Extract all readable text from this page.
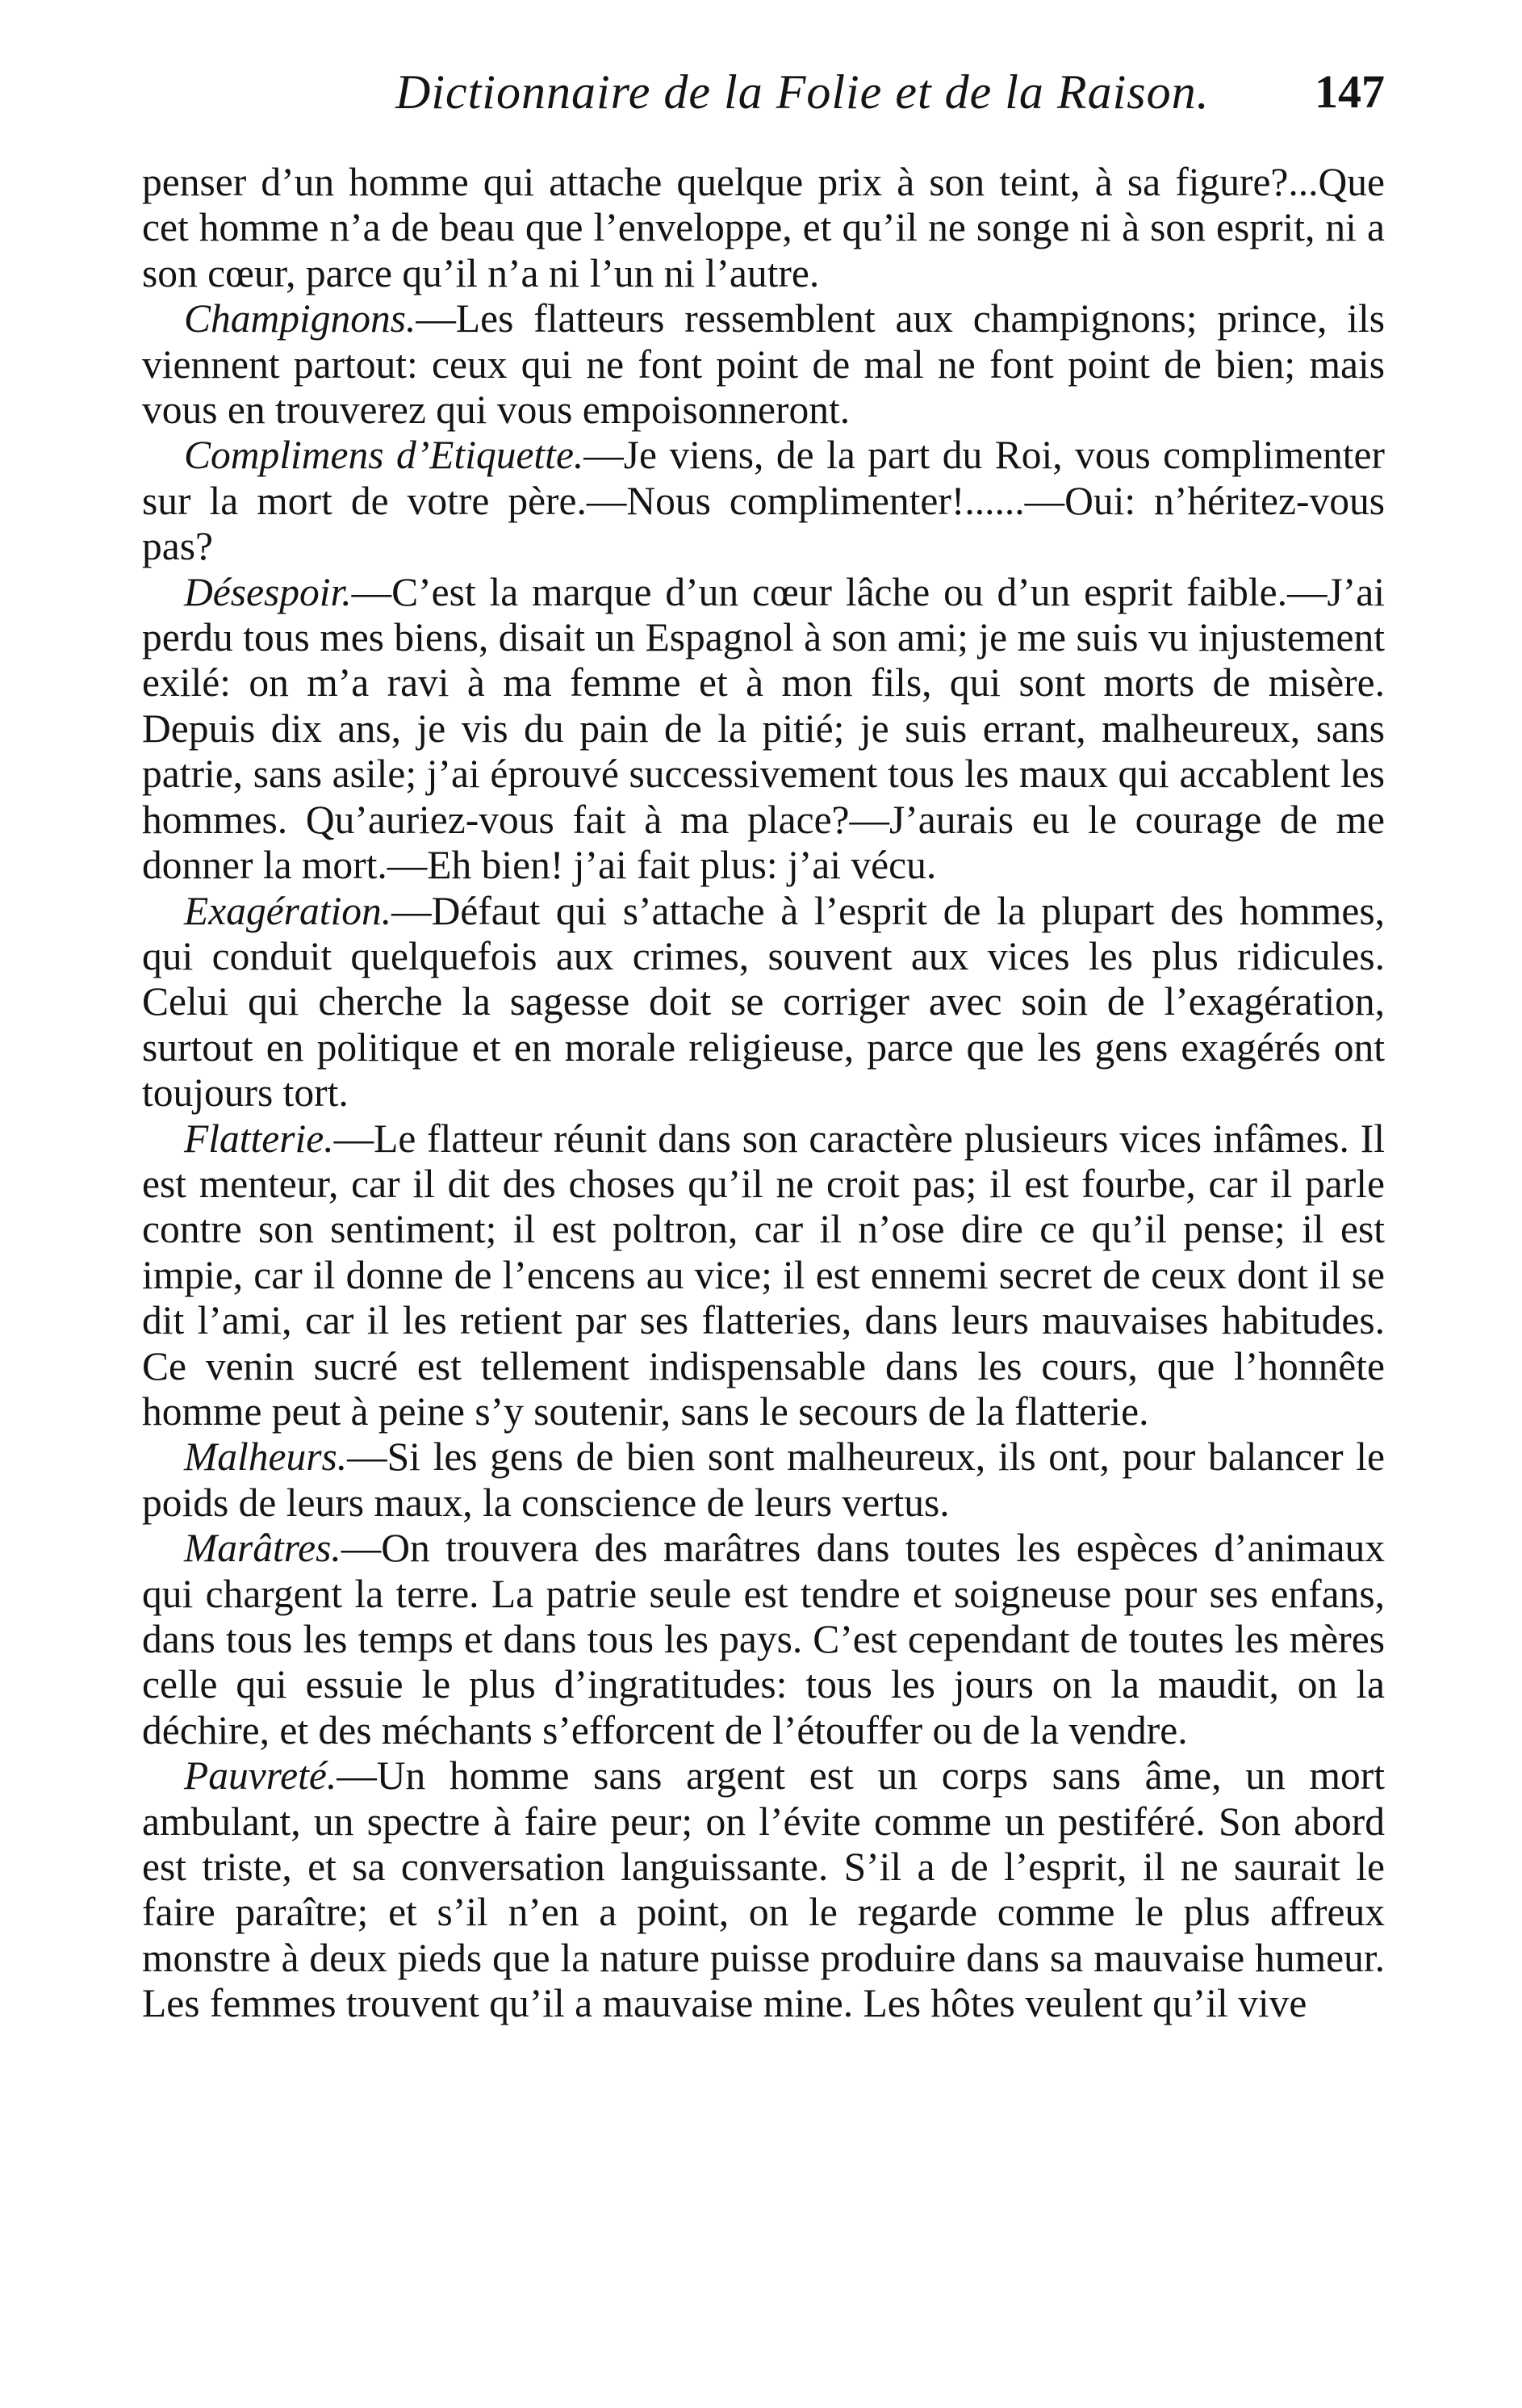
Dictionnaire de la Folie et de la Raison. 147

penser d’un homme qui attache quelque prix à son teint, à sa figure?...Que cet homme n’a de beau que l’enveloppe, et qu’il ne songe ni à son esprit, ni a son cœur, parce qu’il n’a ni l’un ni l’autre.

Champignons.—Les flatteurs ressemblent aux champignons; prince, ils viennent partout: ceux qui ne font point de mal ne font point de bien; mais vous en trouverez qui vous empoisonneront.

Complimens d’Etiquette.—Je viens, de la part du Roi, vous complimenter sur la mort de votre père.—Nous complimenter!......—Oui: n’héritez-vous pas?

Désespoir.—C’est la marque d’un cœur lâche ou d’un esprit faible.—J’ai perdu tous mes biens, disait un Espagnol à son ami; je me suis vu injustement exilé: on m’a ravi à ma femme et à mon fils, qui sont morts de misère. Depuis dix ans, je vis du pain de la pitié; je suis errant, malheureux, sans patrie, sans asile; j’ai éprouvé successivement tous les maux qui accablent les hommes. Qu’auriez-vous fait à ma place?—J’aurais eu le courage de me donner la mort.—Eh bien! j’ai fait plus: j’ai vécu.

Exagération.—Défaut qui s’attache à l’esprit de la plupart des hommes, qui conduit quelquefois aux crimes, souvent aux vices les plus ridicules. Celui qui cherche la sagesse doit se corriger avec soin de l’exagération, surtout en politique et en morale religieuse, parce que les gens exagérés ont toujours tort.

Flatterie.—Le flatteur réunit dans son caractère plusieurs vices infâmes. Il est menteur, car il dit des choses qu’il ne croit pas; il est fourbe, car il parle contre son sentiment; il est poltron, car il n’ose dire ce qu’il pense; il est impie, car il donne de l’encens au vice; il est ennemi secret de ceux dont il se dit l’ami, car il les retient par ses flatteries, dans leurs mauvaises habitudes. Ce venin sucré est tellement indispensable dans les cours, que l’honnête homme peut à peine s’y soutenir, sans le secours de la flatterie.

Malheurs.—Si les gens de bien sont malheureux, ils ont, pour balancer le poids de leurs maux, la conscience de leurs vertus.

Marâtres.—On trouvera des marâtres dans toutes les espèces d’animaux qui chargent la terre. La patrie seule est tendre et soigneuse pour ses enfans, dans tous les temps et dans tous les pays. C’est cependant de toutes les mères celle qui essuie le plus d’ingratitudes: tous les jours on la maudit, on la déchire, et des méchants s’efforcent de l’étouffer ou de la vendre.

Pauvreté.—Un homme sans argent est un corps sans âme, un mort ambulant, un spectre à faire peur; on l’évite comme un pestiféré. Son abord est triste, et sa conversation languissante. S’il a de l’esprit, il ne saurait le faire paraître; et s’il n’en a point, on le regarde comme le plus affreux monstre à deux pieds que la nature puisse produire dans sa mauvaise humeur. Les femmes trouvent qu’il a mauvaise mine. Les hôtes veulent qu’il vive
